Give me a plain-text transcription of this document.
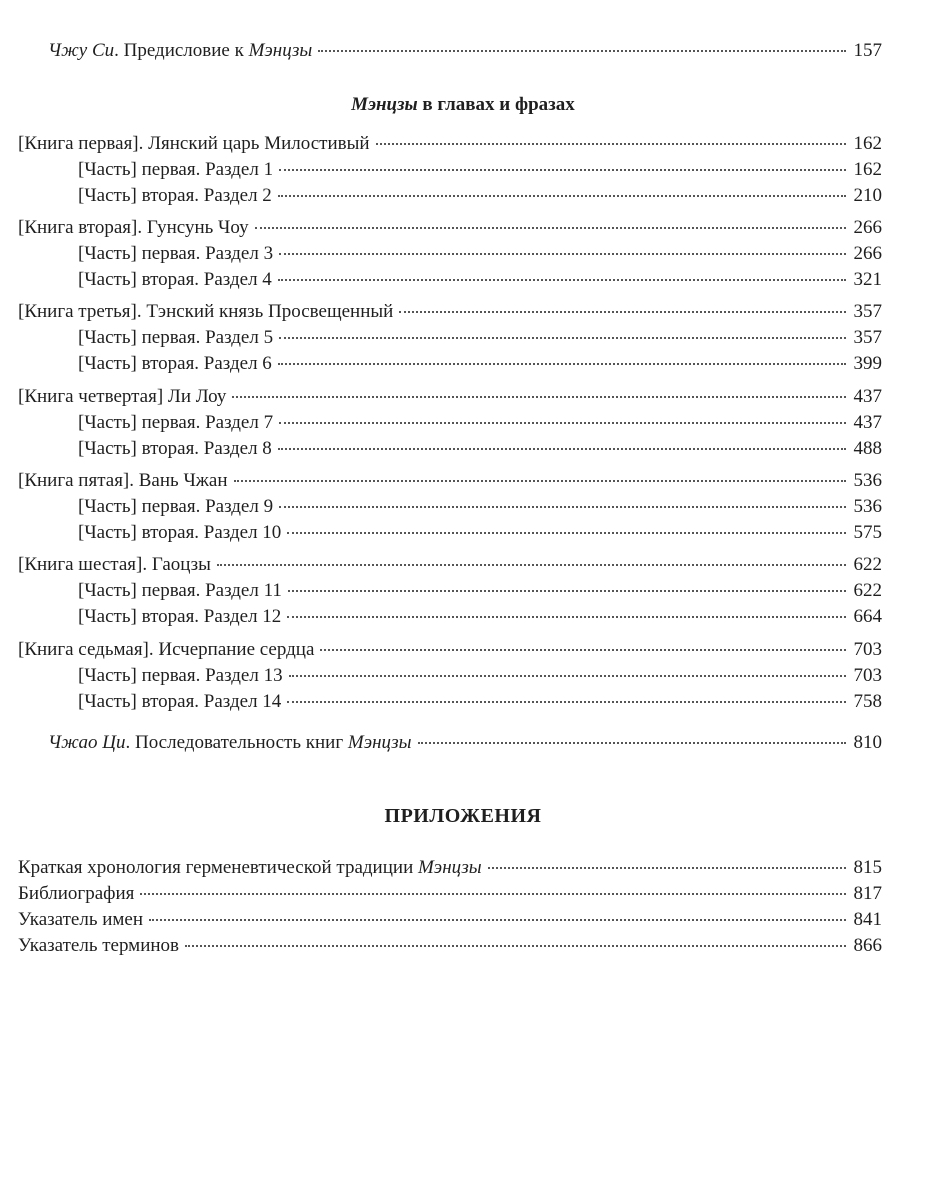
Чжу Си. Предисловие к Мэнцзы	157
Мэнцзы в главах и фразах
[Книга первая]. Лянский царь Милостивый	162
[Часть] первая. Раздел 1	162
[Часть] вторая. Раздел 2	210
[Книга вторая]. Гунсунь Чоу	266
[Часть] первая. Раздел 3	266
[Часть] вторая. Раздел 4	321
[Книга третья]. Тэнский князь Просвещенный	357
[Часть] первая. Раздел 5	357
[Часть] вторая. Раздел 6	399
[Книга четвертая] Ли Лоу	437
[Часть] первая. Раздел 7	437
[Часть] вторая. Раздел 8	488
[Книга пятая]. Вань Чжан	536
[Часть] первая. Раздел 9	536
[Часть] вторая. Раздел 10	575
[Книга шестая]. Гаоцзы	622
[Часть] первая. Раздел 11	622
[Часть] вторая. Раздел 12	664
[Книга седьмая]. Исчерпание сердца	703
[Часть] первая. Раздел 13	703
[Часть] вторая. Раздел 14	758
Чжао Ци. Последовательность книг Мэнцзы	810
ПРИЛОЖЕНИЯ
Краткая хронология герменевтической традиции Мэнцзы	815
Библиография	817
Указатель имен	841
Указатель терминов	866
